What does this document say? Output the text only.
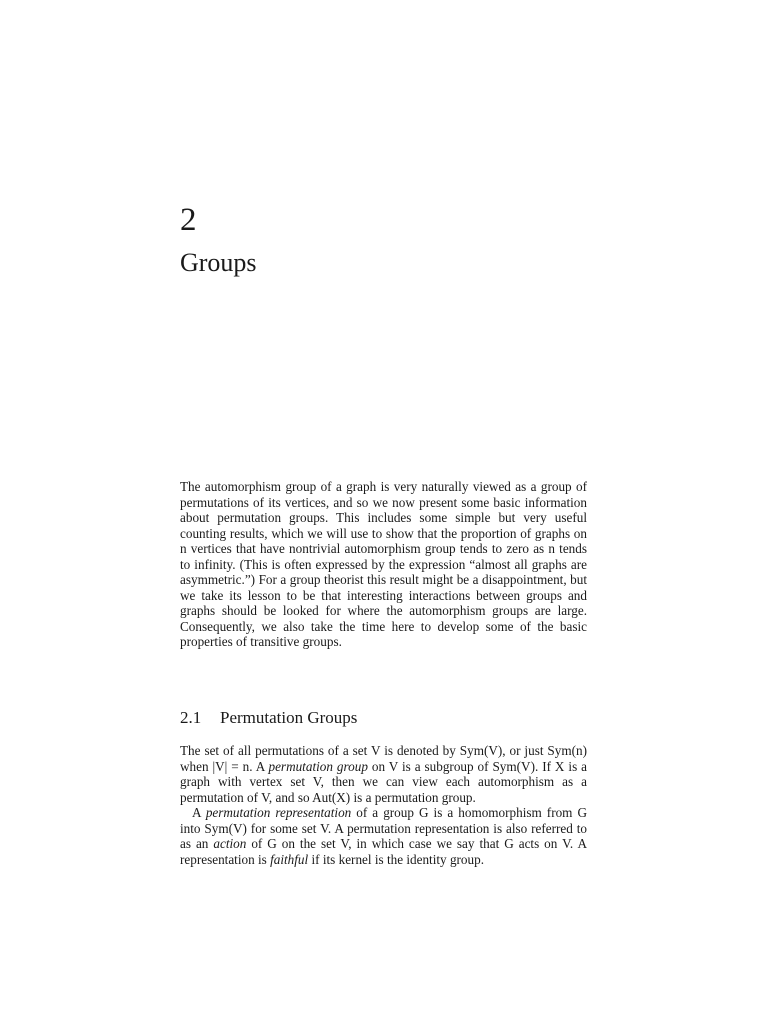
2
Groups

The automorphism group of a graph is very naturally viewed as a group of permutations of its vertices, and so we now present some basic information about permutation groups. This includes some simple but very useful counting results, which we will use to show that the proportion of graphs on n vertices that have nontrivial automorphism group tends to zero as n tends to infinity. (This is often expressed by the expression “almost all graphs are asymmetric.”) For a group theorist this result might be a disappointment, but we take its lesson to be that interesting interactions between groups and graphs should be looked for where the automorphism groups are large. Consequently, we also take the time here to develop some of the basic properties of transitive groups.

2.1 Permutation Groups

The set of all permutations of a set V is denoted by Sym(V), or just Sym(n) when |V| = n. A permutation group on V is a subgroup of Sym(V). If X is a graph with vertex set V, then we can view each automorphism as a permutation of V, and so Aut(X) is a permutation group.

A permutation representation of a group G is a homomorphism from G into Sym(V) for some set V. A permutation representation is also referred to as an action of G on the set V, in which case we say that G acts on V. A representation is faithful if its kernel is the identity group.
